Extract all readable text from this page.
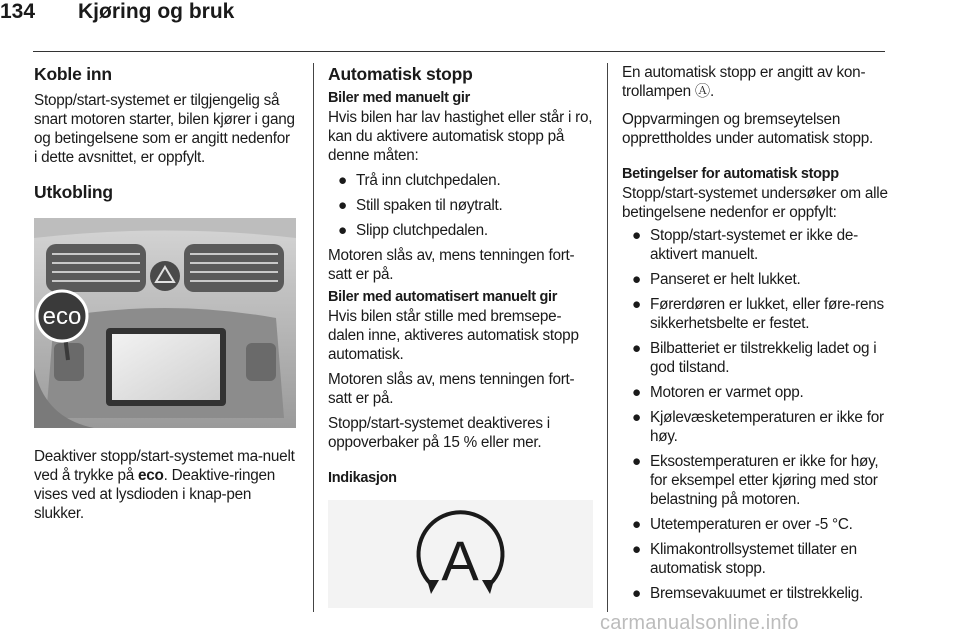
134 Kjøring og bruk
Koble inn

Stopp/start-systemet er tilgjengelig så snart motoren starter, bilen kjører i gang og betingelsene som er angitt nedenfor i dette avsnittet, er oppfylt.

Utkobling
eco

Deaktiver stopp/start-systemet ma-nuelt ved å trykke på eco. Deaktive-ringen vises ved at lysdioden i knap-pen slukker.

Automatisk stopp
Biler med manuelt gir

Hvis bilen har lav hastighet eller står i ro, kan du aktivere automatisk stopp på denne måten:

● Trå inn clutchpedalen.
● Still spaken til nøytralt.
● Slipp clutchpedalen.

Motoren slås av, mens tenningen fort-satt er på.

Biler med automatisert manuelt gir

Hvis bilen står stille med bremsepe-dalen inne, aktiveres automatisk stopp automatisk.

Motoren slås av, mens tenningen fort-satt er på.

Stopp/start-systemet deaktiveres i oppoverbaker på 15 % eller mer.

Indikasjon
A

En automatisk stopp er angitt av kon-trollampen Ⓐ.

Oppvarmingen og bremseytelsen opprettholdes under automatisk stopp.

Betingelser for automatisk stopp

Stopp/start-systemet undersøker om alle betingelsene nedenfor er oppfylt:

● Stopp/start-systemet er ikke de-aktivert manuelt.
● Panseret er helt lukket.
● Førerdøren er lukket, eller føre-rens sikkerhetsbelte er festet.
● Bilbatteriet er tilstrekkelig ladet og i god tilstand.
● Motoren er varmet opp.
● Kjølevæsketemperaturen er ikke for høy.
● Eksostemperaturen er ikke for høy, for eksempel etter kjøring med stor belastning på motoren.
● Utetemperaturen er over -5 °C.
● Klimakontrollsystemet tillater en automatisk stopp.
● Bremsevakuumet er tilstrekkelig.
carmanualsonline.info
